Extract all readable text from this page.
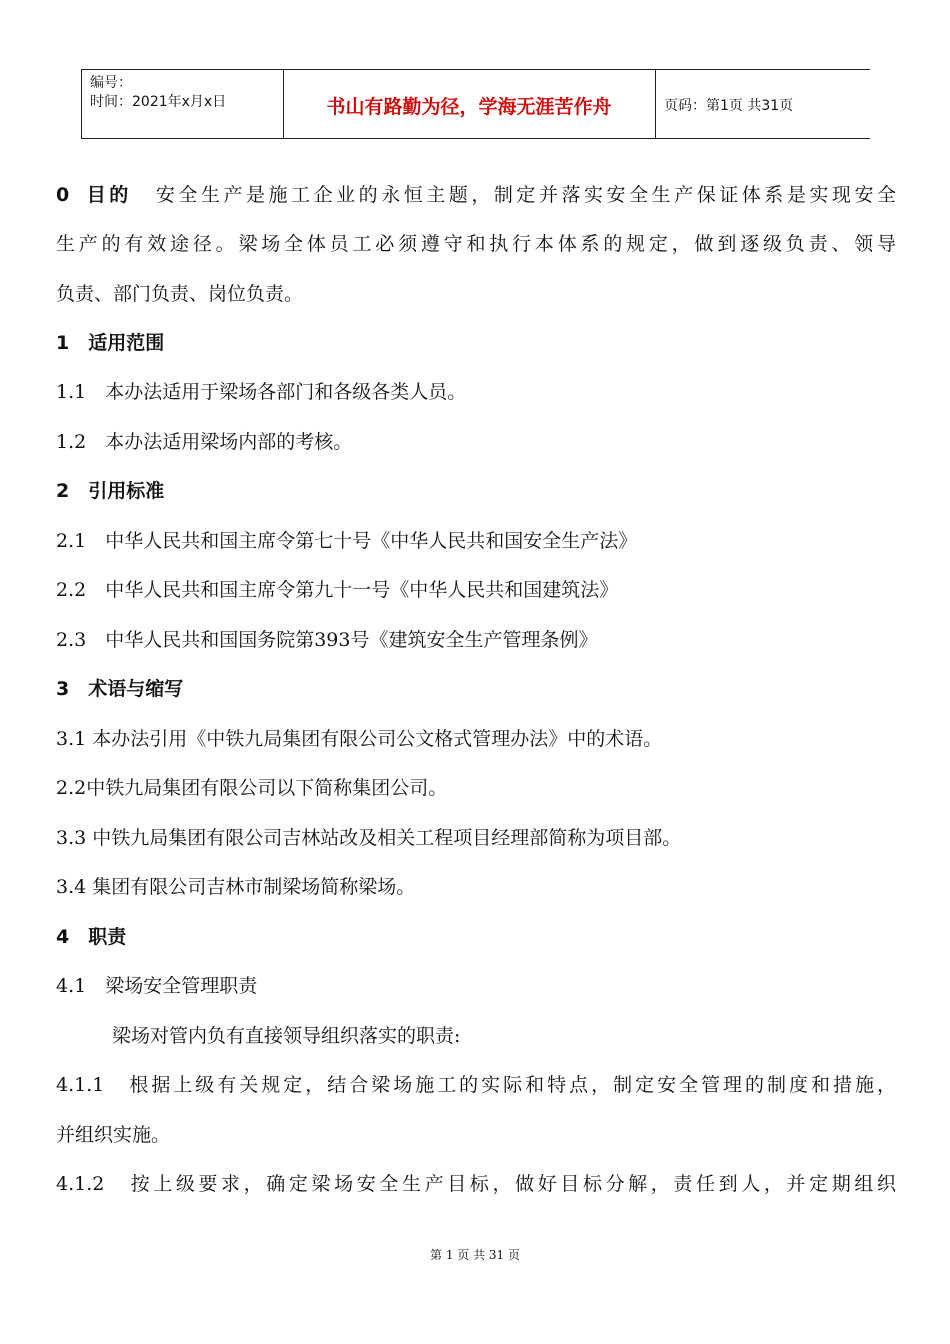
编号：
时间：2021年x月x日	书山有路勤为径，学海无涯苦作舟	页码：第1页 共31页
0 目的 安全生产是施工企业的永恒主题，制定并落实安全生产保证体系是实现安全
生产的有效途径。梁场全体员工必须遵守和执行本体系的规定，做到逐级负责、领导
负责、部门负责、岗位负责。
1　适用范围
1.1　本办法适用于梁场各部门和各级各类人员。
1.2　本办法适用梁场内部的考核。
2　引用标准
2.1　中华人民共和国主席令第七十号《中华人民共和国安全生产法》
2.2　中华人民共和国主席令第九十一号《中华人民共和国建筑法》
2.3　中华人民共和国国务院第393号《建筑安全生产管理条例》
3　术语与缩写
3.1 本办法引用《中铁九局集团有限公司公文格式管理办法》中的术语。
2.2中铁九局集团有限公司以下简称集团公司。
3.3 中铁九局集团有限公司吉林站改及相关工程项目经理部简称为项目部。
3.4 集团有限公司吉林市制梁场简称梁场。
4　职责
4.1　梁场安全管理职责
梁场对管内负有直接领导组织落实的职责:
4.1.1　根据上级有关规定，结合梁场施工的实际和特点，制定安全管理的制度和措施，
并组织实施。
4.1.2　按上级要求，确定梁场安全生产目标，做好目标分解，责任到人，并定期组织
第 1 页 共 31 页
